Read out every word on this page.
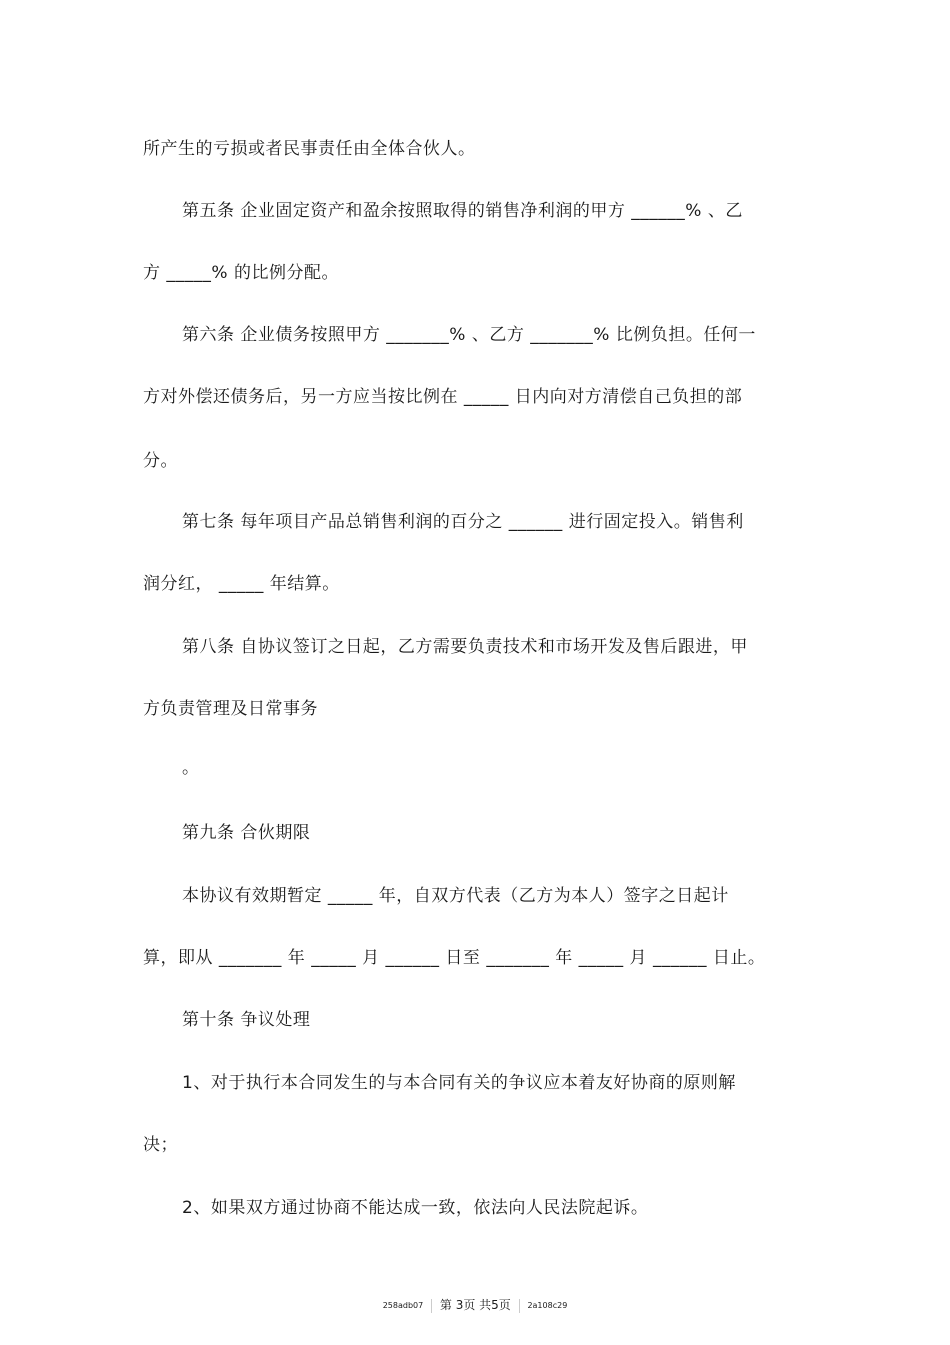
所产生的亏损或者民事责任由全体合伙人。
第五条 企业固定资产和盈余按照取得的销售净利润的甲方 ______% 、乙
方 _____% 的比例分配。
第六条 企业债务按照甲方 _______% 、乙方 _______% 比例负担。任何一
方对外偿还债务后，另一方应当按比例在 _____ 日内向对方清偿自己负担的部
分。
第七条 每年项目产品总销售利润的百分之 ______ 进行固定投入。销售利
润分红， _____ 年结算。
第八条 自协议签订之日起，乙方需要负责技术和市场开发及售后跟进，甲
方负责管理及日常事务
。
第九条 合伙期限
本协议有效期暂定 _____ 年，自双方代表（乙方为本人）签字之日起计
算，即从 _______ 年 _____ 月 ______ 日至 _______ 年 _____ 月 ______ 日止。
第十条 争议处理
1、对于执行本合同发生的与本合同有关的争议应本着友好协商的原则解
决；
2、如果双方通过协商不能达成一致，依法向人民法院起诉。
258adb07 第 3页 共5页 2a108c29
